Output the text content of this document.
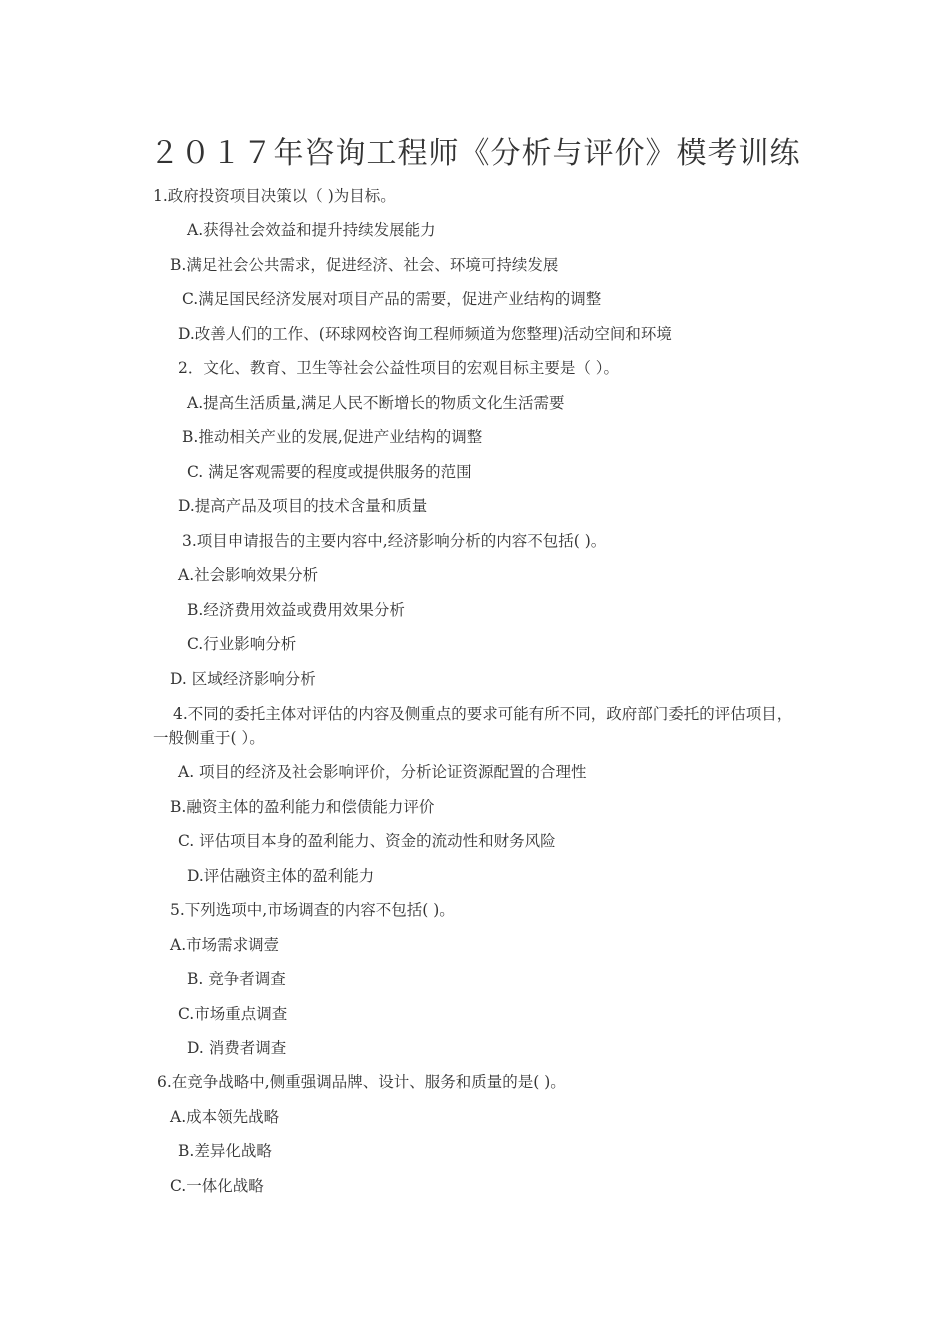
２０１７年咨询工程师《分析与评价》模考训练
1.政府投资项目决策以（ )为目标。
A.获得社会效益和提升持续发展能力
B.满足社会公共需求，促进经济、社会、环境可持续发展
C.满足国民经济发展对项目产品的需要，促进产业结构的调整
D.改善人们的工作、(环球网校咨询工程师频道为您整理)活动空间和环境
2．文化、教育、卫生等社会公益性项目的宏观目标主要是（ ）。
A.提高生活质量,满足人民不断增长的物质文化生活需要
B.推动相关产业的发展,促进产业结构的调整
C. 满足客观需要的程度或提供服务的范围
D.提高产品及项目的技术含量和质量
3.项目申请报告的主要内容中,经济影响分析的内容不包括( )。
A.社会影响效果分析
B.经济费用效益或费用效果分析
C.行业影响分析
D. 区域经济影响分析
4.不同的委托主体对评估的内容及侧重点的要求可能有所不同，政府部门委托的评估项目，一般侧重于( ）。
A. 项目的经济及社会影响评价，分析论证资源配置的合理性
B.融资主体的盈利能力和偿债能力评价
C. 评估项目本身的盈利能力、资金的流动性和财务风险
D.评估融资主体的盈利能力
5.下列选项中,市场调查的内容不包括( )。
A.市场需求调壹
B. 竞争者调查
C.市场重点调查
D. 消费者调查
6.在竞争战略中,侧重强调品牌、设计、服务和质量的是( )。
A.成本领先战略
B.差异化战略
C.一体化战略
